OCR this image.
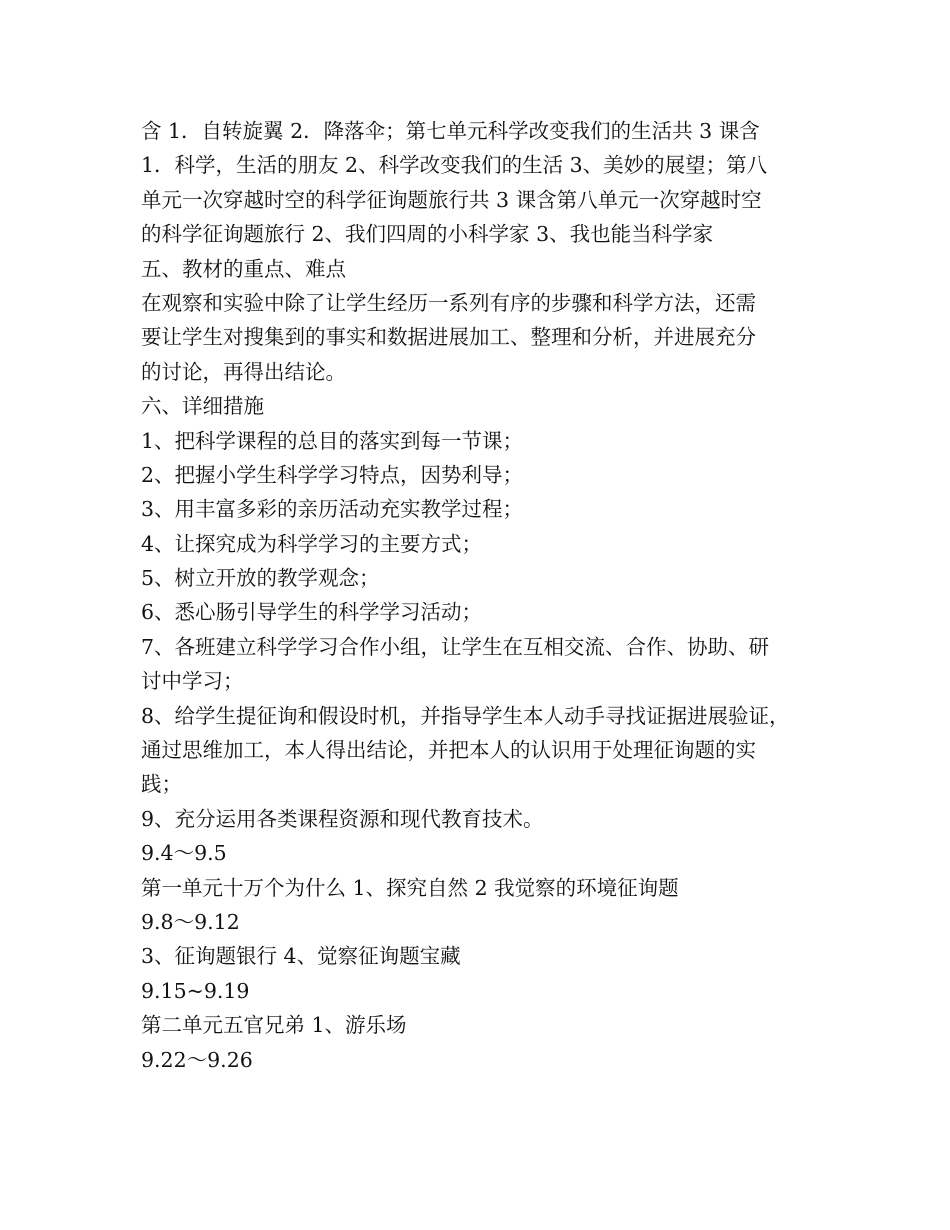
含 1．自转旋翼 2．降落伞；第七单元科学改变我们的生活共 3 课含
1．科学，生活的朋友 2、科学改变我们的生活 3、美妙的展望；第八
单元一次穿越时空的科学征询题旅行共 3 课含第八单元一次穿越时空
的科学征询题旅行 2、我们四周的小科学家 3、我也能当科学家
五、教材的重点、难点
在观察和实验中除了让学生经历一系列有序的步骤和科学方法，还需
要让学生对搜集到的事实和数据进展加工、整理和分析，并进展充分
的讨论，再得出结论。
六、详细措施
1、把科学课程的总目的落实到每一节课；
2、把握小学生科学学习特点，因势利导；
3、用丰富多彩的亲历活动充实教学过程；
4、让探究成为科学学习的主要方式；
5、树立开放的教学观念；
6、悉心肠引导学生的科学学习活动；
7、各班建立科学学习合作小组，让学生在互相交流、合作、协助、研
讨中学习；
8、给学生提征询和假设时机，并指导学生本人动手寻找证据进展验证，
通过思维加工，本人得出结论，并把本人的认识用于处理征询题的实
践；
9、充分运用各类课程资源和现代教育技术。
9.4～9.5
第一单元十万个为什么 1、探究自然 2 我觉察的环境征询题
9.8～9.12
3、征询题银行 4、觉察征询题宝藏
9.15~9.19
第二单元五官兄弟 1、游乐场
9.22～9.26
